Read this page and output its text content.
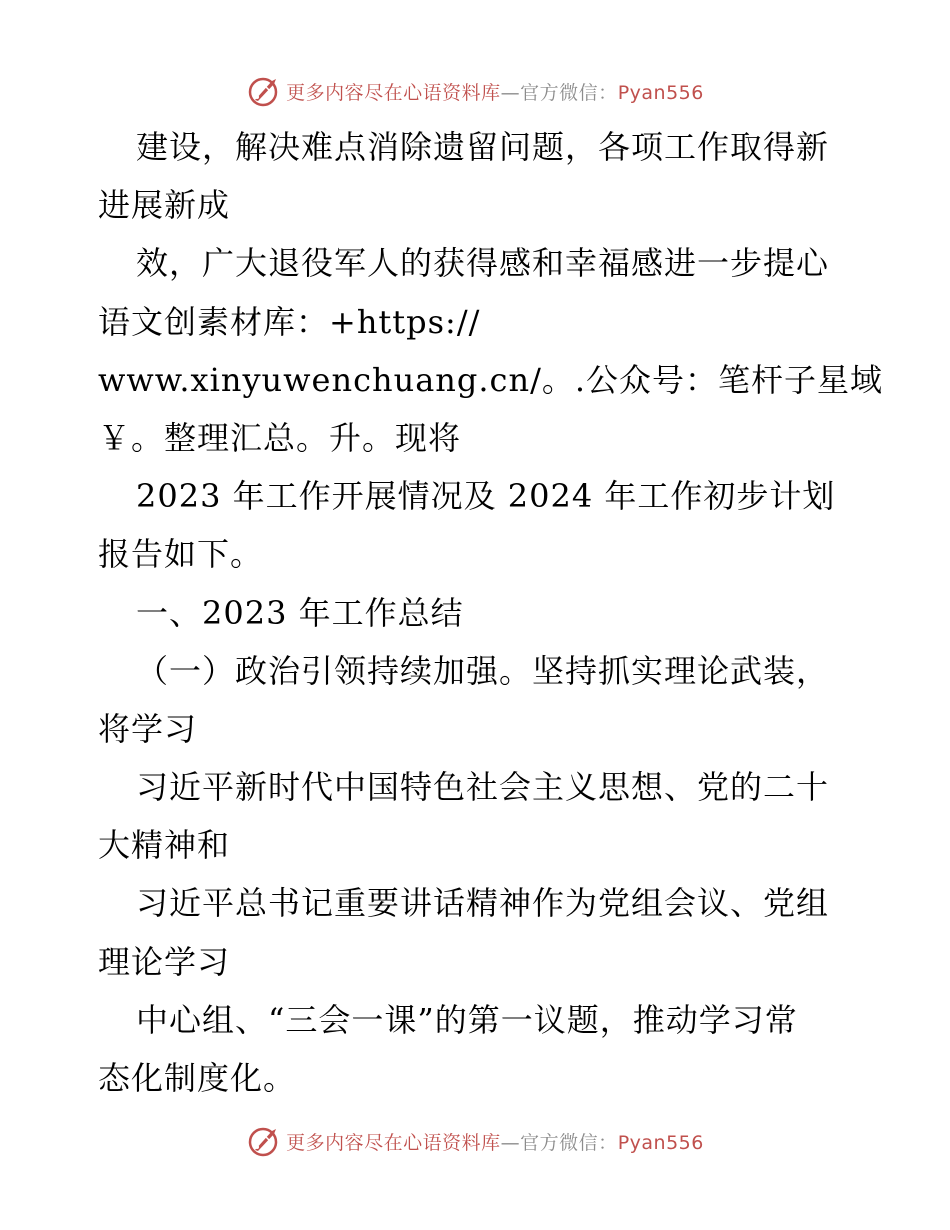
更多内容尽在心语资料库—官方微信：Pyan556
建设，解决难点消除遗留问题，各项工作取得新
进展新成
效，广大退役军人的获得感和幸福感进一步提心
语文创素材库：+https://
www.xinyuwenchuang.cn/。.公众号：笔杆子星域
￥。整理汇总。升。现将
2023 年工作开展情况及 2024 年工作初步计划
报告如下。
一、2023 年工作总结
（一）政治引领持续加强。坚持抓实理论武装，
将学习
习近平新时代中国特色社会主义思想、党的二十
大精神和
习近平总书记重要讲话精神作为党组会议、党组
理论学习
中心组、“三会一课”的第一议题，推动学习常
态化制度化。
更多内容尽在心语资料库—官方微信：Pyan556
